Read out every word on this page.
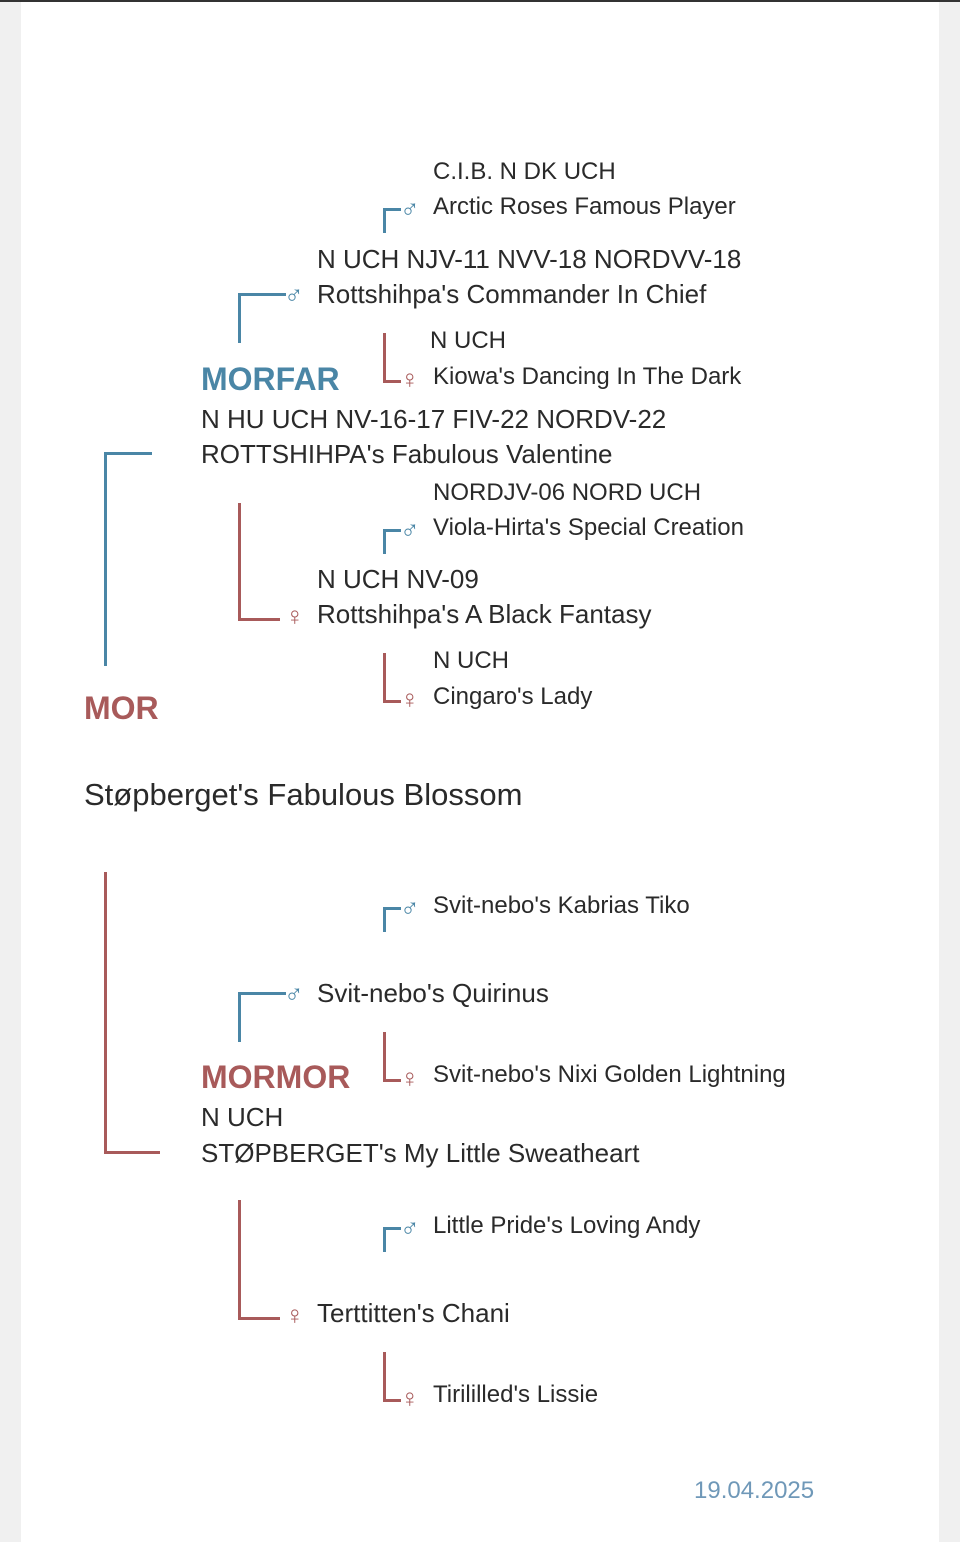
♂
C.I.B. N DK UCH
Arctic Roses Famous Player
♂
N UCH NJV-11 NVV-18 NORDVV-18
Rottshihpa's Commander In Chief
♀
N UCH
Kiowa's Dancing In The Dark
MORFAR
N HU UCH NV-16-17 FIV-22 NORDV-22
ROTTSHIHPA's Fabulous Valentine
♂
NORDJV-06 NORD UCH
Viola-Hirta's Special Creation
♀
N UCH NV-09
Rottshihpa's A Black Fantasy
♀
N UCH
Cingaro's Lady
MOR
Støpberget's Fabulous Blossom
♂ Svit-nebo's Kabrias Tiko
♂ Svit-nebo's Quirinus
♀ Svit-nebo's Nixi Golden Lightning
MORMOR
N UCH
STØPBERGET's My Little Sweatheart
♂ Little Pride's Loving Andy
♀ Terttitten's Chani
♀ Tirililled's Lissie
19.04.2025
